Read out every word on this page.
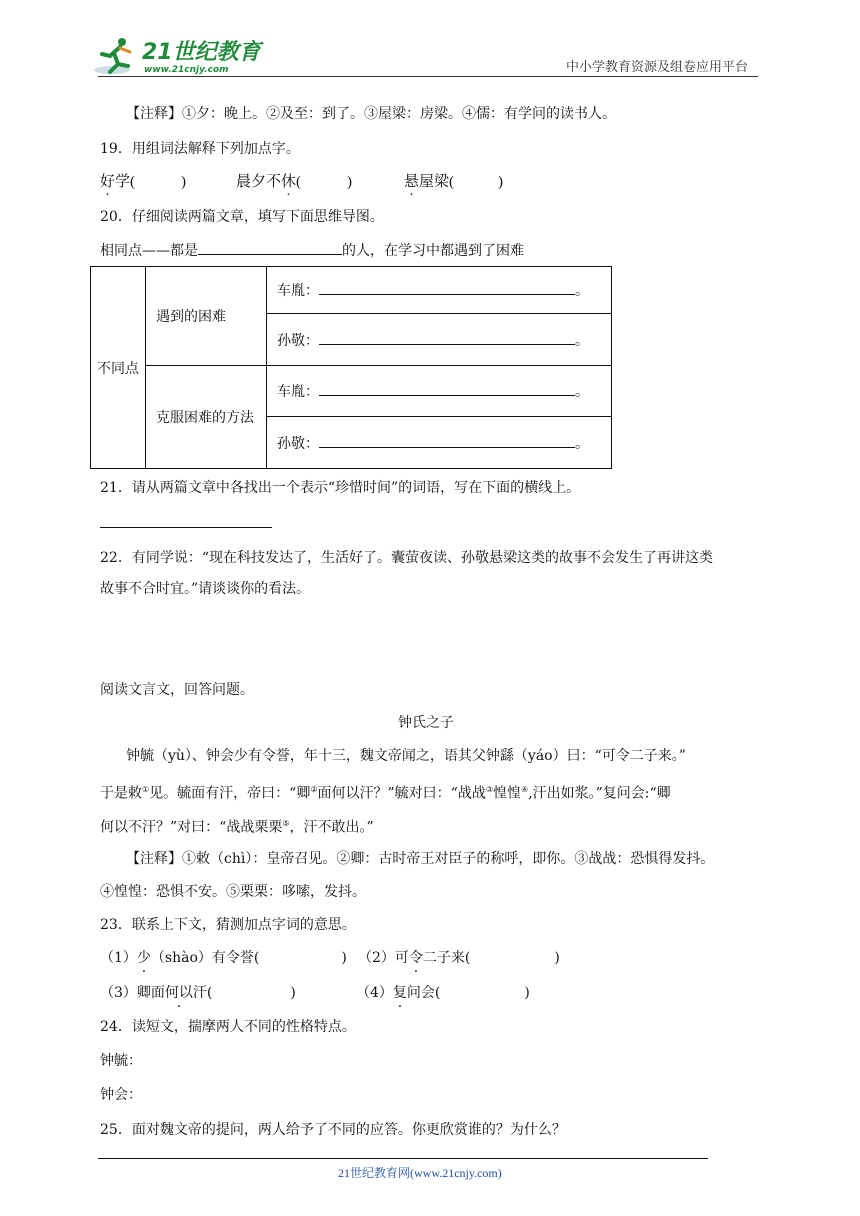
21世纪教育
www.21cnjy.com	中小学教育资源及组卷应用平台
【注释】①夕：晚上。②及至：到了。③屋梁：房梁。④儒：有学问的读书人。
19．用组词法解释下列加点字。
好学(	)	晨夕不休(	)	悬屋梁(	)
20．仔细阅读两篇文章，填写下面思维导图。
相同点——都是	的人，在学习中都遇到了困难
不同点	遇到的困难	车胤： 。
		孙敬： 。
	克服困难的方法	车胤： 。
		孙敬： 。
21．请从两篇文章中各找出一个表示“珍惜时间”的词语，写在下面的横线上。
22．有同学说：“现在科技发达了，生活好了。囊萤夜读、孙敬悬梁这类的故事不会发生了再讲这类
故事不合时宜。”请谈谈你的看法。
阅读文言文，回答问题。
钟氏之子
钟毓（yù）、钟会少有令誉，年十三，魏文帝闻之，语其父钟繇（yáo）曰：“可令二子来。”
于是敕①见。毓面有汗，帝曰：“卿②面何以汗？”毓对曰：“战战③惶惶④,汗出如浆。”复问会:“卿
何以不汗？”对曰：“战战栗栗⑤，汗不敢出。”
【注释】①敕（chì）：皇帝召见。②卿：古时帝王对臣子的称呼，即你。③战战：恐惧得发抖。
④惶惶：恐惧不安。⑤栗栗：哆嗦，发抖。
23．联系上下文，猜测加点字词的意思。
（1）少（shào）有令誉(	) （2）可令二子来(	)
（3）卿面何以汗(	)	（4）复问会(	)
24．读短文，揣摩两人不同的性格特点。
钟毓：
钟会：
25．面对魏文帝的提问，两人给予了不同的应答。你更欣赏谁的？为什么？
21世纪教育网(www.21cnjy.com)
